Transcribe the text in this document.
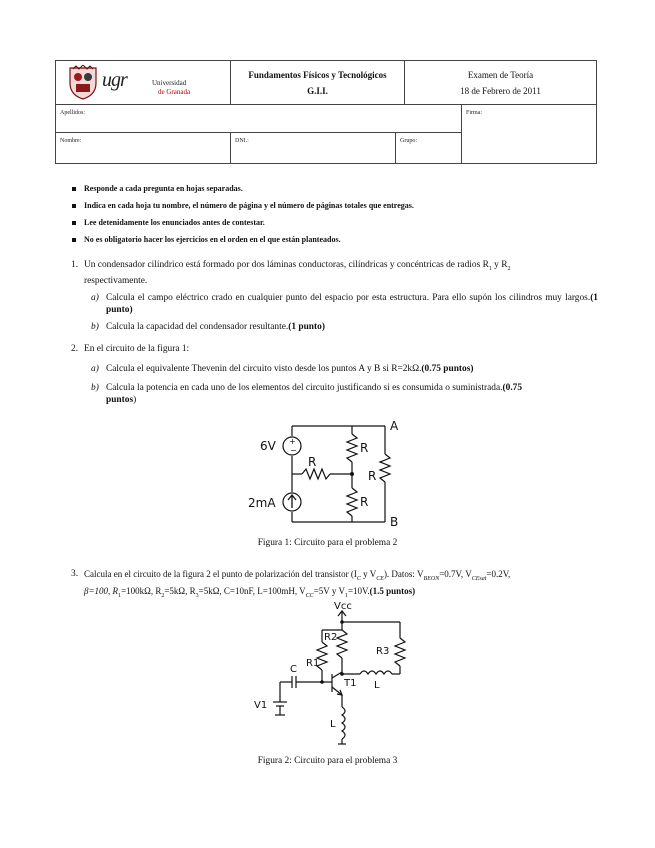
ugr	Universidad
de Granada
Fundamentos Físicos y Tecnológicos
G.I.I.
Examen de Teoría
18 de Febrero de 2011
Apellidos:	Firma:
Nombre:	DNI.:	Grupo:
Responde a cada pregunta en hojas separadas.
Indica en cada hoja tu nombre, el número de página y el número de páginas totales que entregas.
Lee detenidamente los enunciados antes de contestar.
No es obligatorio hacer los ejercicios en el orden en el que están planteados.
1. Un condensador cilíndrico está formado por dos láminas conductoras, cilíndricas y concéntricas de radios $R_1$ y $R_2$
respectivamente.
a) Calcula el campo eléctrico crado en cualquier punto del espacio por esta estructura. Para ello supón los cilindros muy largos.(1 punto)
b) Calcula la capacidad del condensador resultante.(1 punto)
2. En el circuito de la figura 1:
a) Calcula el equivalente Thevenin del circuito visto desde los puntos A y B si R=2kΩ.(0.75 puntos)
b) Calcula la potencia en cada uno de los elementos del circuito justificando si es consumida o suministrada.(0.75
puntos)
+
−
6V
2mA
R
R
R
R
A
B
Figura 1: Circuito para el problema 2
3. Calcula en el circuito de la figura 2 el punto de polarización del transistor ($I_C$ y $V_{CE}$). Datos: $V_{BEON}=0.7V$, $V_{CEsat}=0.2V$,
β=100, $R_1=100k\Omega$, $R_2=5k\Omega$, $R_3=5k\Omega$, C=10nF, L=100mH, $V_{CC}=5V$ y $V_1=10V.(1.5$ puntos)
Vcc
R2
R1
R3
C
T1 L
L
V1
Figura 2: Circuito para el problema 3
